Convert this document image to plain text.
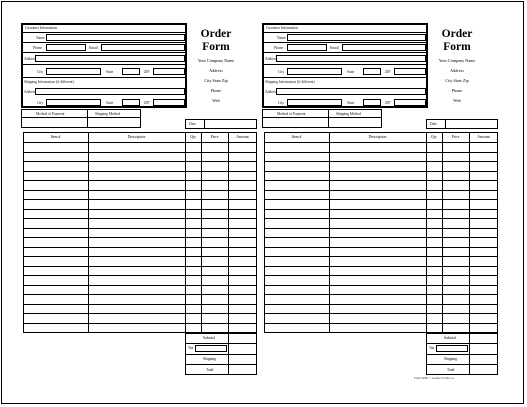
Customer Information
Name
Phone	Email
Address
City	State	ZIP
Shipping Information (if different)
Address
City	State	ZIP
Method of Payment	Shipping Method
Order
Form
Your Company Name
Address
City State Zip
Phone
Web
Date
Item #	Description	Qty	Price	Amount
Subtotal
Tax
Shipping
Total
Customer Information
Name
Phone	Email
Address
City	State	ZIP
Shipping Information (if different)
Address
City	State	ZIP
Method of Payment	Shipping Method
Order
Form
Your Company Name
Address
City State Zip
Phone
Web
Date
Item #	Description	Qty	Price	Amount
Subtotal
Tax
Shipping
Total
Form 0000 © Gentle Forms Co.
